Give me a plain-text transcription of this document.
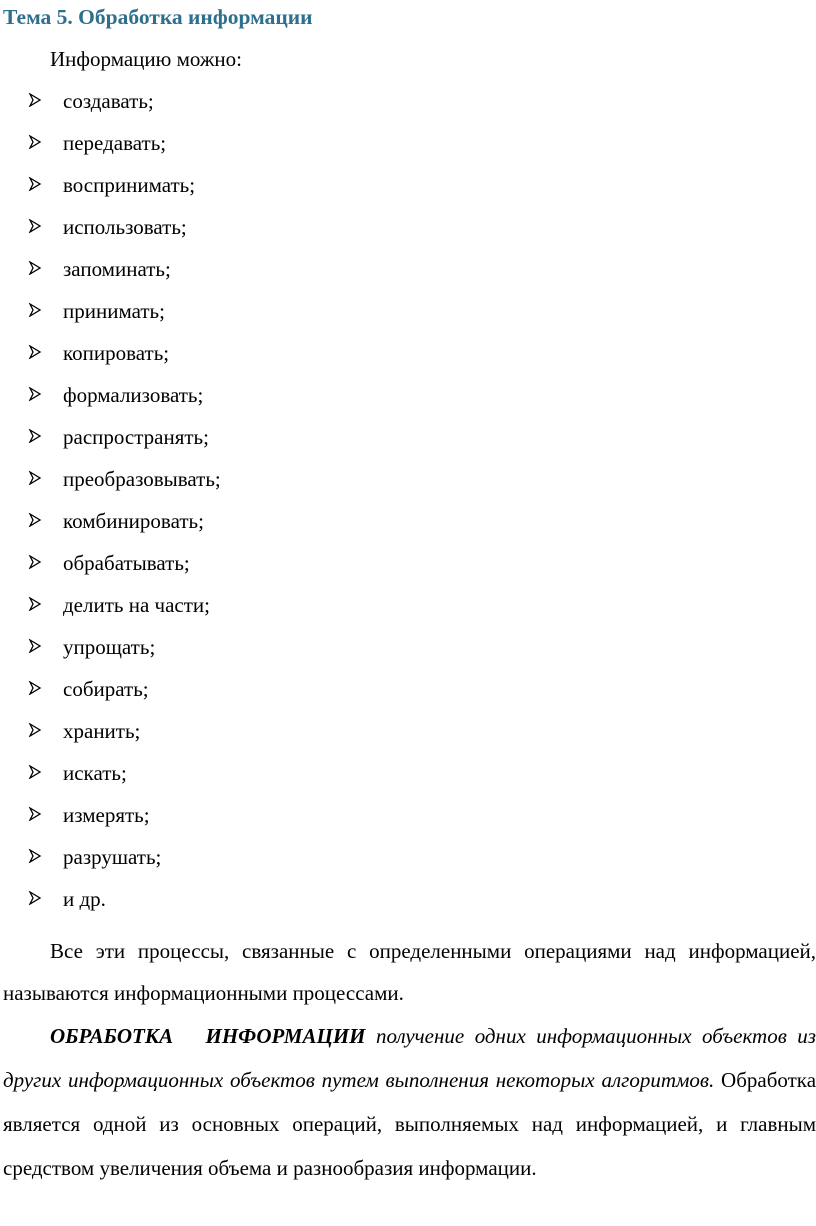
Тема 5. Обработка информации
Информацию можно:
создавать;
передавать;
воспринимать;
использовать;
запоминать;
принимать;
копировать;
формализовать;
распространять;
преобразовывать;
комбинировать;
обрабатывать;
делить на части;
упрощать;
собирать;
хранить;
искать;
измерять;
разрушать;
и др.

Все эти процессы, связанные с определенными операциями над информацией, называются информационными процессами.

ОБРАБОТКА ИНФОРМАЦИИ получение одних информационных объектов из других информационных объектов путем выполнения некоторых алгоритмов. Обработка является одной из основных операций, выполняемых над информацией, и главным средством увеличения объема и разнообразия информации.
